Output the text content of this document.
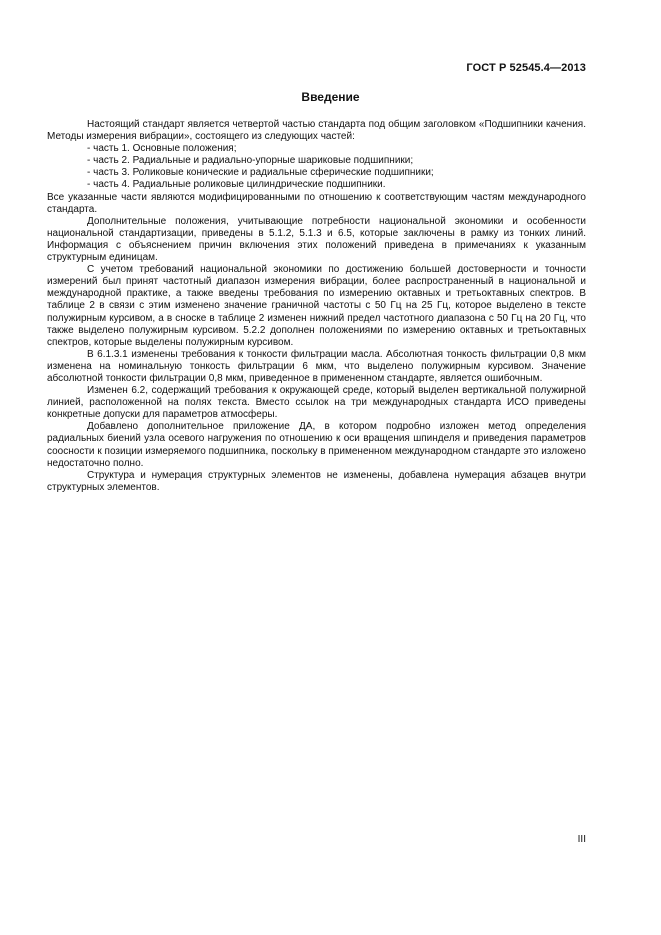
ГОСТ Р 52545.4—2013
Введение

Настоящий стандарт является четвертой частью стандарта под общим заголовком «Подшипники качения. Методы измерения вибрации», состоящего из следующих частей:

- часть 1. Основные положения;
- часть 2. Радиальные и радиально-упорные шариковые подшипники;
- часть 3. Роликовые конические и радиальные сферические подшипники;
- часть 4. Радиальные роликовые цилиндрические подшипники.

Все указанные части являются модифицированными по отношению к соответствующим частям международного стандарта.

Дополнительные положения, учитывающие потребности национальной экономики и особенности национальной стандартизации, приведены в 5.1.2, 5.1.3 и 6.5, которые заключены в рамку из тонких линий. Информация с объяснением причин включения этих положений приведена в примечаниях к указанным структурным единицам.

С учетом требований национальной экономики по достижению большей достоверности и точности измерений был принят частотный диапазон измерения вибрации, более распространенный в национальной и международной практике, а также введены требования по измерению октавных и третьоктавных спектров. В таблице 2 в связи с этим изменено значение граничной частоты с 50 Гц на 25 Гц, которое выделено в тексте полужирным курсивом, а в сноске в таблице 2 изменен нижний предел частотного диапазона с 50 Гц на 20 Гц, что также выделено полужирным курсивом. 5.2.2 дополнен положениями по измерению октавных и третьоктавных спектров, которые выделены полужирным курсивом.

В 6.1.3.1 изменены требования к тонкости фильтрации масла. Абсолютная тонкость фильтрации 0,8 мкм изменена на номинальную тонкость фильтрации 6 мкм, что выделено полужирным курсивом. Значение абсолютной тонкости фильтрации 0,8 мкм, приведенное в примененном стандарте, является ошибочным.

Изменен 6.2, содержащий требования к окружающей среде, который выделен вертикальной полужирной линией, расположенной на полях текста. Вместо ссылок на три международных стандарта ИСО приведены конкретные допуски для параметров атмосферы.

Добавлено дополнительное приложение ДА, в котором подробно изложен метод определения радиальных биений узла осевого нагружения по отношению к оси вращения шпинделя и приведения параметров соосности к позиции измеряемого подшипника, поскольку в примененном международном стандарте это изложено недостаточно полно.

Структура и нумерация структурных элементов не изменены, добавлена нумерация абзацев внутри структурных элементов.

III
